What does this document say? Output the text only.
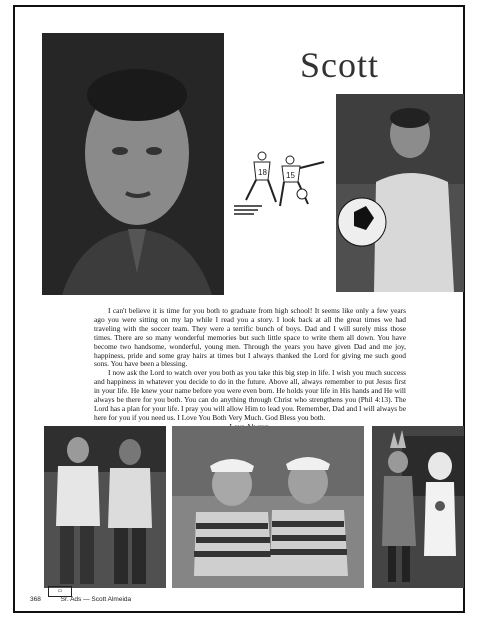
Scott
18 15

I can't believe it is time for you both to graduate from high school! It seems like only a few years ago you were sitting on my lap while I read you a story. I look back at all the great times we had traveling with the soccer team. They were a terrific bunch of boys. Dad and I will surely miss those times. There are so many wonderful memories but such little space to write them all down. You have become two handsome, wonderful, young men. Through the years you have given Dad and me joy, happiness, pride and some gray hairs at times but I always thanked the Lord for giving me such good sons. You have been a blessing.

I now ask the Lord to watch over you both as you take this big step in life. I wish you much success and happiness in whatever you decide to do in the future. Above all, always remember to put Jesus first in your life. He knew your name before you were even born. He holds your life in His hands and He will always be there for you both. You can do anything through Christ who strengthens you (Phil 4:13). The Lord has a plan for your life. I pray you will allow Him to lead you. Remember, Dad and I will always be here for you if you need us. I Love You Both Very Much. God Bless you both.

▭
368	Sr. Ads — Scott Almeida
